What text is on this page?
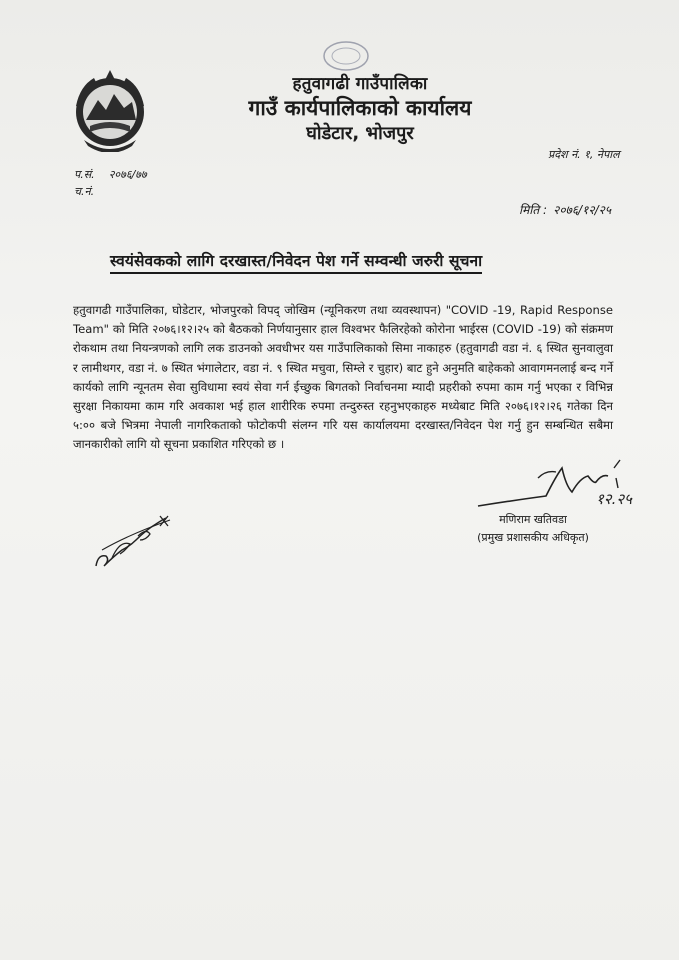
हतुवागढी गाउँपालिका
गाउँ कार्यपालिकाको कार्यालय
घोडेटार, भोजपुर
प्रदेश नं. १, नेपाल
प.सं. २०७६/७७
च.नं.
मिति : २०७६/१२/२५
स्वयंसेवकको लागि दरखास्त/निवेदन पेश गर्ने सम्वन्धी जरुरी सूचना
हतुवागढी गाउँपालिका, घोडेटार, भोजपुरको विपद् जोखिम (न्यूनिकरण तथा व्यवस्थापन) "COVID -19, Rapid Response Team" को मिति २०७६।१२।२५ को बैठकको निर्णयानुसार हाल विश्वभर फैलिरहेको कोरोना भाईरस (COVID -19) को संक्रमण रोकथाम तथा नियन्त्रणको लागि लक डाउनको अवधीभर यस गाउँपालिकाको सिमा नाकाहरु (हतुवागढी वडा नं. ६ स्थित सुनवालुवा र लामीथगर, वडा नं. ७ स्थित भंगालेटार, वडा नं. ९ स्थित मचुवा, सिम्ले र चुहार) बाट हुने अनुमति बाहेकको आवागमनलाई बन्द गर्ने कार्यको लागि न्यूनतम सेवा सुविधामा स्वयं सेवा गर्न ईच्छुक बिगतको निर्वाचनमा म्यादी प्रहरीको रुपमा काम गर्नु भएका र विभिन्न सुरक्षा निकायमा काम गरि अवकाश भई हाल शारीरिक रुपमा तन्दुरुस्त रहनुभएकाहरु मध्येबाट मिति २०७६।१२।२६ गतेका दिन ५:०० बजे भित्रमा नेपाली नागरिकताको फोटोकपी संलग्न गरि यस कार्यालयमा दरखास्त/निवेदन पेश गर्नु हुन सम्बन्धित सबैमा जानकारीको लागि यो सूचना प्रकाशित गरिएको छ ।
१२.२५
मणिराम खतिवडा
(प्रमुख प्रशासकीय अधिकृत)
